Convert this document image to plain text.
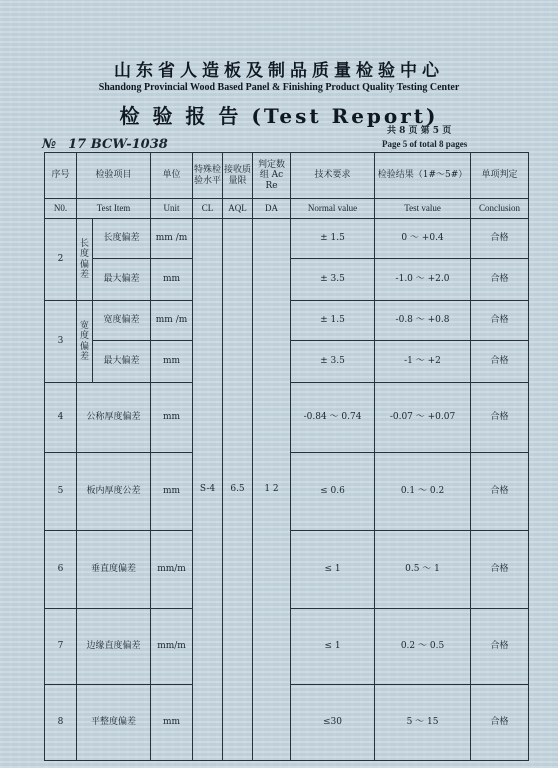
山东省人造板及制品质量检验中心
Shandong Provincial Wood Based Panel & Finishing Product Quality Testing Center
检 验 报 告 (Test Report)
共 8 页 第 5 页
Page 5 of total 8 pages
№ 17 BCW-1038
序号	检验项目		单位	特殊检验水平	接收质量限	判定数组 Ac Re	技术要求	检验结果（1#～5#）	单项判定
N0.	Test Item		Unit	CL	AQL	DA	Normal value	Test value	Conclusion
2	长度偏差	长度偏差	mm /m	S-4	6.5	1 2	± 1.5	0 ～ +0.4	合格
		最大偏差	mm				± 3.5	-1.0 ～ +2.0	合格
3	宽度偏差	宽度偏差	mm /m				± 1.5	-0.8 ～ +0.8	合格
		最大偏差	mm				± 3.5	-1 ～ +2	合格
4	公称厚度偏差		mm				-0.84 ～ 0.74	-0.07 ～ +0.07	合格
5	板内厚度公差		mm				≤ 0.6	0.1 ～ 0.2	合格
6	垂直度偏差		mm/m				≤ 1	0.5 ～ 1	合格
7	边缘直度偏差		mm/m				≤ 1	0.2 ～ 0.5	合格
8	平整度偏差		mm				≤30	5 ～ 15	合格
